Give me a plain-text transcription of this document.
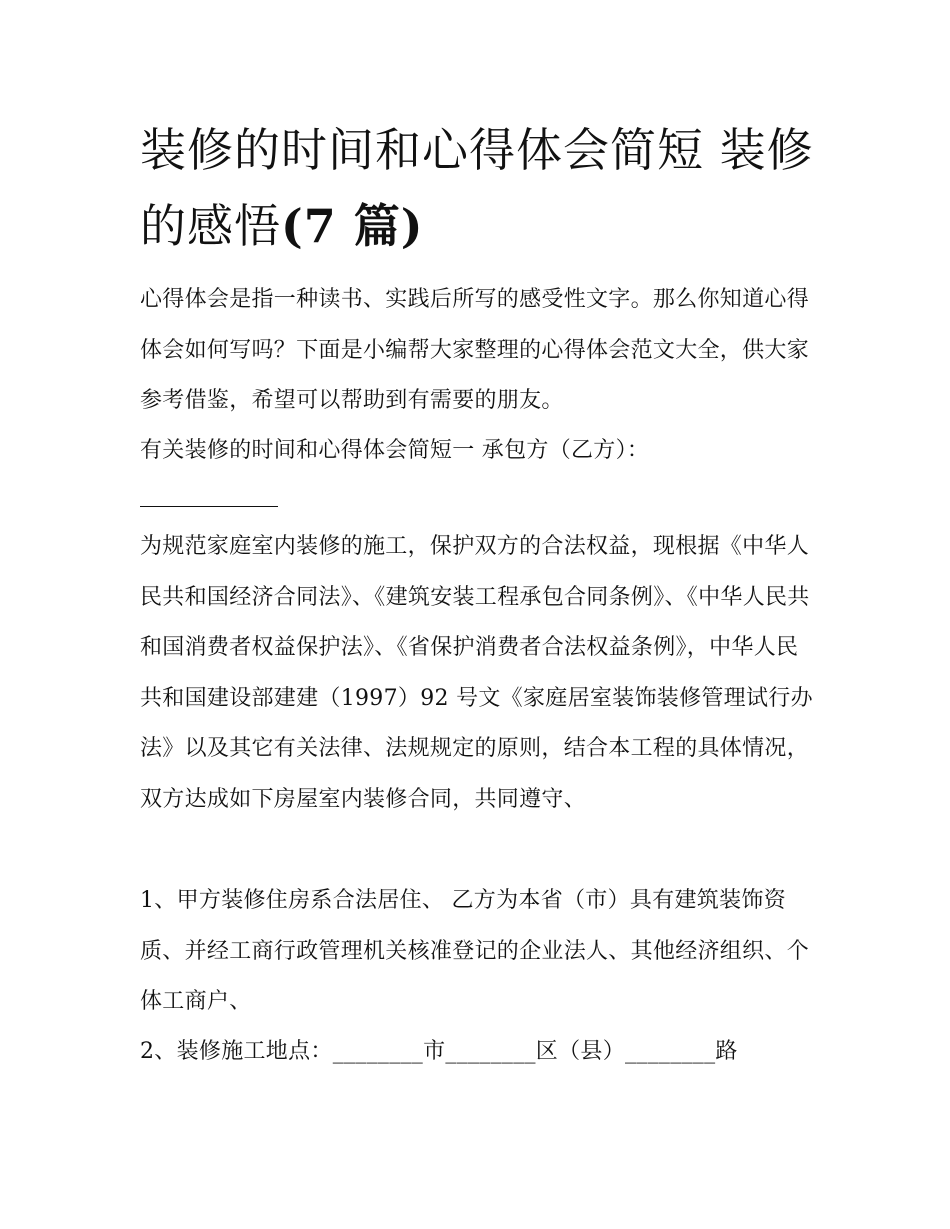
装修的时间和心得体会简短 装修的感悟(7 篇)

心得体会是指一种读书、实践后所写的感受性文字。那么你知道心得体会如何写吗？下面是小编帮大家整理的心得体会范文大全，供大家参考借鉴，希望可以帮助到有需要的朋友。

有关装修的时间和心得体会简短一 承包方（乙方）：

为规范家庭室内装修的施工，保护双方的合法权益，现根据《中华人民共和国经济合同法》、《建筑安装工程承包合同条例》、《中华人民共和国消费者权益保护法》、《省保护消费者合法权益条例》，中华人民共和国建设部建建（1997）92 号文《家庭居室装饰装修管理试行办法》以及其它有关法律、法规规定的原则，结合本工程的具体情况，双方达成如下房屋室内装修合同，共同遵守、

1、甲方装修住房系合法居住、 乙方为本省（市）具有建筑装饰资质、并经工商行政管理机关核准登记的企业法人、其他经济组织、个体工商户、

2、装修施工地点：________市________区（县）________路
